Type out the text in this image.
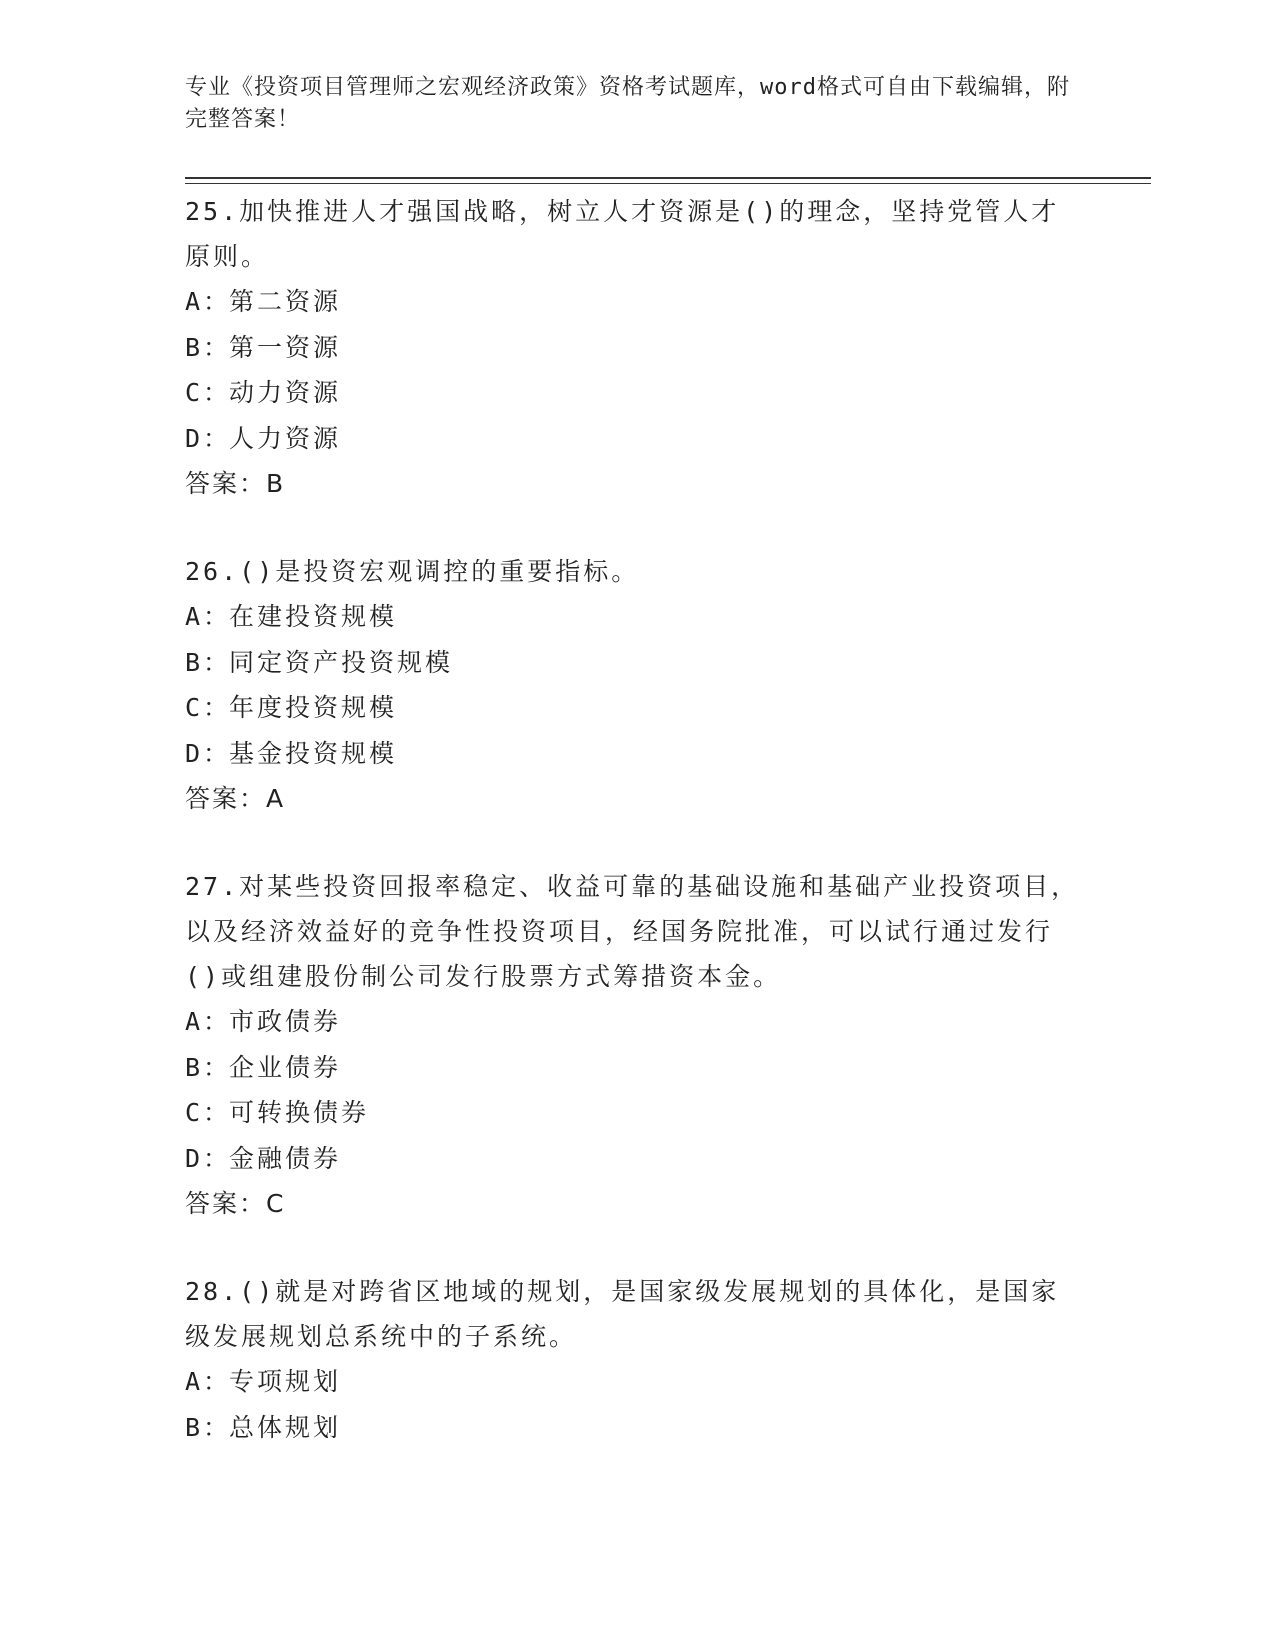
专业《投资项目管理师之宏观经济政策》资格考试题库，word格式可自由下载编辑，附完整答案！
25.加快推进人才强国战略，树立人才资源是()的理念，坚持党管人才原则。
A：第二资源
B：第一资源
C：动力资源
D：人力资源
答案：B
26.()是投资宏观调控的重要指标。
A：在建投资规模
B：同定资产投资规模
C：年度投资规模
D：基金投资规模
答案：A
27.对某些投资回报率稳定、收益可靠的基础设施和基础产业投资项目，以及经济效益好的竞争性投资项目，经国务院批准，可以试行通过发行()或组建股份制公司发行股票方式筹措资本金。
A：市政债券
B：企业债券
C：可转换债券
D：金融债券
答案：C
28.()就是对跨省区地域的规划，是国家级发展规划的具体化，是国家级发展规划总系统中的子系统。
A：专项规划
B：总体规划
